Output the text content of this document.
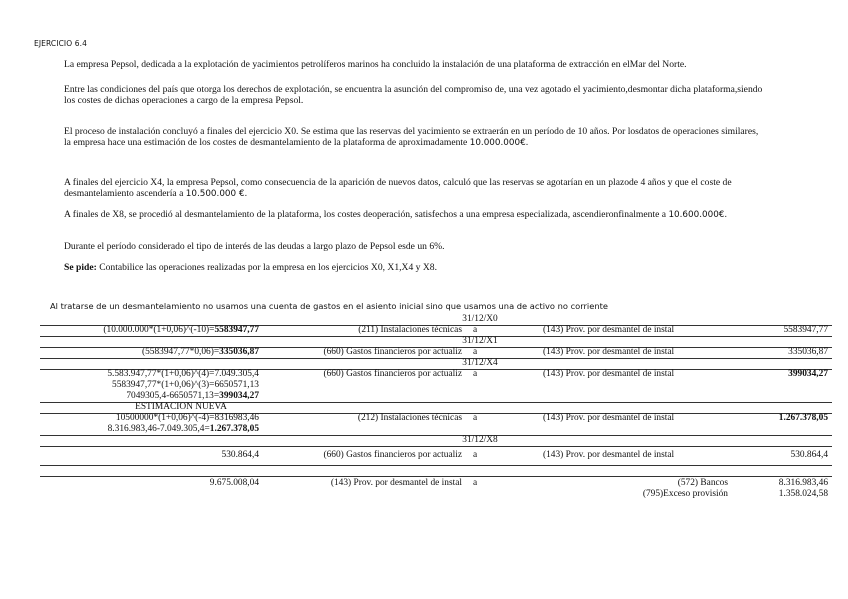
EJERCICIO 6.4
La empresa Pepsol, dedicada a la explotación de yacimientos petrolíferos marinos ha concluido la instalación de una plataforma de extracción en elMar del Norte.
Entre las condiciones del país que otorga los derechos de explotación, se encuentra la asunción del compromiso de, una vez agotado el yacimiento,desmontar dicha plataforma,siendo los costes de dichas operaciones a cargo de la empresa Pepsol.
El proceso de instalación concluyó a finales del ejercicio X0. Se estima que las reservas del yacimiento se extraerán en un período de 10 años. Por losdatos de operaciones similares, la empresa hace una estimación de los costes de desmantelamiento de la plataforma de aproximadamente 10.000.000€.
A finales del ejercicio X4, la empresa Pepsol, como consecuencia de la aparición de nuevos datos, calculó que las reservas se agotarían en un plazode 4 años y que el coste de desmantelamiento ascendería a 10.500.000 €.
A finales de X8, se procedió al desmantelamiento de la plataforma, los costes deoperación, satisfechos a una empresa especializada, ascendieronfinalmente a 10.600.000€.
Durante el período considerado el tipo de interés de las deudas a largo plazo de Pepsol esde un 6%.
Se pide: Contabilice las operaciones realizadas por la empresa en los ejercicios X0, X1,X4 y X8.
Al tratarse de un desmantelamiento no usamos una cuenta de gastos en el asiento inicial sino que usamos una de activo no corriente
31/12/X0
(10.000.000*(1+0,06)^(-10)=5583947,77	(211) Instalaciones técnicas a	(143) Prov. por desmantel de instal	5583947,77
31/12/X1
(5583947,77*0,06)=335036,87	(660) Gastos financieros por actualiz a	(143) Prov. por desmantel de instal	335036,87
31/12/X4
5.583.947,77*(1+0,06)^(4)=7.049.305,4	(660) Gastos financieros por actualiz a	(143) Prov. por desmantel de instal	399034,27
5583947,77*(1+0,06)^(3)=6650571,13
7049305,4-6650571,13=399034,27
ESTIMACION NUEVA
10500000*(1+0,06)^(-4)=8316983,46	(212) Instalaciones técnicas a	(143) Prov. por desmantel de instal	1.267.378,05
8.316.983,46-7.049.305,4=1.267.378,05
31/12/X8
530.864,4	(660) Gastos financieros por actualiz a	(143) Prov. por desmantel de instal	530.864,4
9.675.008,04	(143) Prov. por desmantel de instal a	(572) Bancos	8.316.983,46
(795)Exceso provisión	1.358.024,58
